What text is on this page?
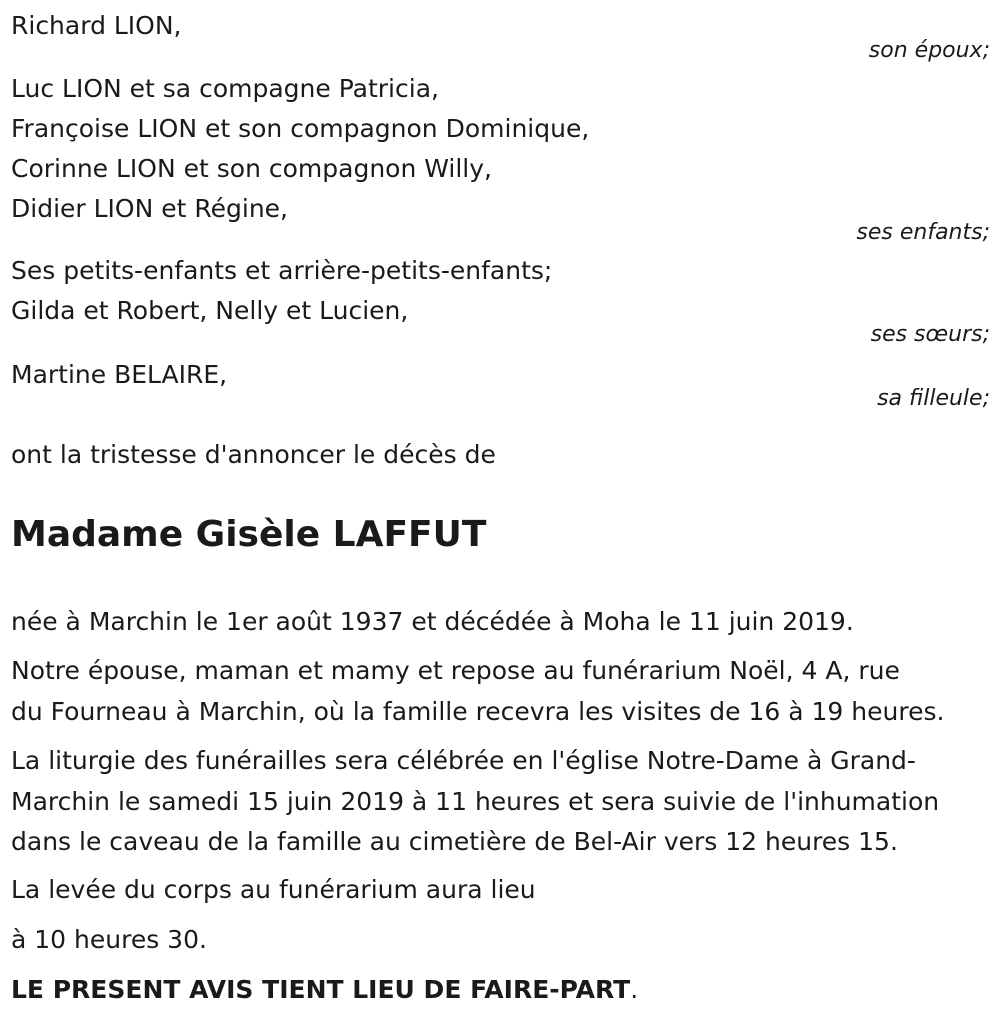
Richard LION,
son époux;
Luc LION et sa compagne Patricia,
Françoise LION et son compagnon Dominique,
Corinne LION et son compagnon Willy,
Didier LION et Régine,
ses enfants;
Ses petits-enfants et arrière-petits-enfants;
Gilda et Robert, Nelly et Lucien,
ses sœurs;
Martine BELAIRE,
sa filleule;
ont la tristesse d'annoncer le décès de
Madame Gisèle LAFFUT
née à Marchin le 1er août 1937 et décédée à Moha le 11 juin 2019.
Notre épouse, maman et mamy et repose au funérarium Noël, 4 A, rue
du Fourneau à Marchin, où la famille recevra les visites de 16 à 19 heures.
La liturgie des funérailles sera célébrée en l'église Notre-Dame à Grand-
Marchin le samedi 15 juin 2019 à 11 heures et sera suivie de l'inhumation
dans le caveau de la famille au cimetière de Bel-Air vers 12 heures 15.
La levée du corps au funérarium aura lieu
à 10 heures 30.
LE PRESENT AVIS TIENT LIEU DE FAIRE-PART.
